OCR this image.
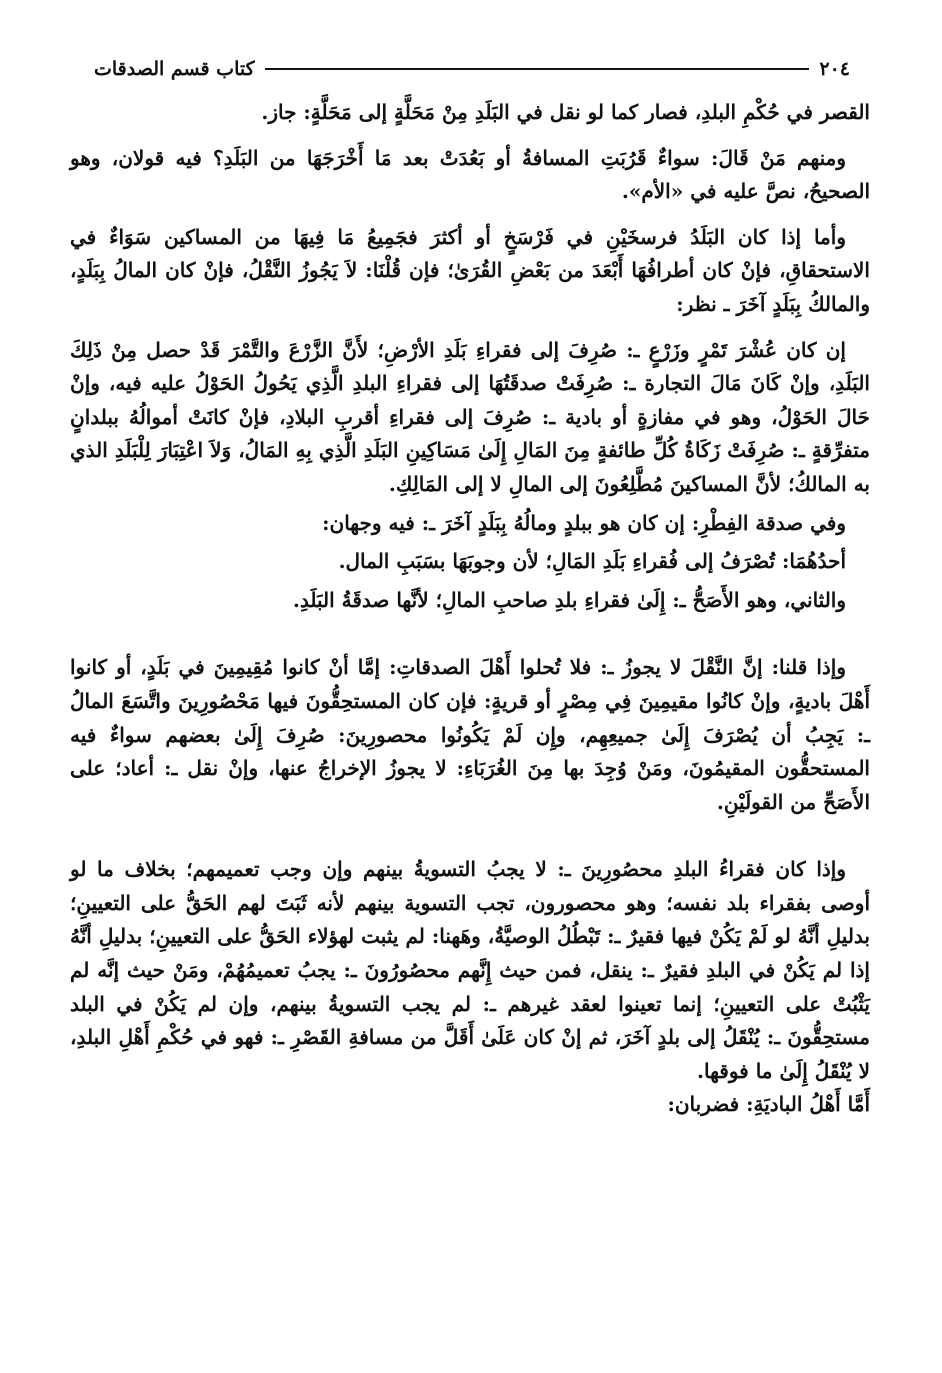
٢٠٤
كتاب قسم الصدقات

القصر في حُكْمِ البلدِ، فصار كما لو نقل في البَلَدِ مِنْ مَحَلَّةٍ إلى مَحَلَّةٍ: جاز.

ومنهم مَنْ قَالَ: سواءٌ قَرُبَتِ المسافةُ أو بَعُدَتْ بعد مَا أَخْرَجَهَا من البَلَدِ؟ فيه قولان، وهو الصحيحُ، نصَّ عليه في «الأم».

وأما إذا كان البَلَدُ فرسخَيْنِ في فَرْسَخٍ أو أكثرَ فجَمِيعُ مَا فِيهَا من المساكين سَوَاءٌ في الاستحقاقِ، فإنْ كان أطرافُهَا أَبْعَدَ من بَعْضِ القُرَىٰ؛ فإن قُلْنَا: لاَ يَجُوزُ النَّقْلُ، فإنْ كان المالُ بِبَلَدٍ، والمالكُ بِبَلَدٍ آخَرَ ـ نظر:

إن كان عُشْرَ تَمْرٍ وزَرْعٍ ـ: صُرِفَ إلى فقراءِ بَلَدِ الأرْضِ؛ لأَنَّ الزَّرْعَ والتَّمْرَ قَدْ حصل مِنْ ذَلِكَ البَلَدِ، وإنْ كَانَ مَالَ التجارة ـ: صُرِفَتْ صدقَتُهَا إلى فقراءِ البلدِ الَّذِي يَحُولُ الحَوْلُ عليه فيه، وإنْ حَالَ الحَوْلُ، وهو في مفازةٍ أو بادية ـ: صُرِفَ إلى فقراءِ أقربِ البلادِ، فإنْ كانَتْ أموالُهُ ببلدانٍ متفرِّقةٍ ـ: صُرِفَتْ زَكَاةُ كُلِّ طائفةٍ مِنَ المَالِ إِلَىٰ مَسَاكِينِ البَلَدِ الَّذِي بِهِ المَالُ، وَلاَ اعْتِبَارَ لِلْبَلَدِ الذي به المالكُ؛ لأنَّ المساكينَ مُطَّلِعُونَ إلى المالِ لا إلى المَالِكِ.

وفي صدقة الفِطْرِ: إن كان هو ببلدٍ ومالُهُ بِبَلَدٍ آخَرَ ـ: فيه وجهان:

أحدُهُمَا: تُصْرَفُ إلى فُقراءِ بَلَدِ المَالِ؛ لأن وجوبَهَا بسَبَبِ المال.

والثاني، وهو الأَصَحُّ ـ: إِلَىٰ فقراءِ بلدِ صاحبِ المالِ؛ لأنَّها صدقَةُ البَلَدِ.

وإذا قلنا: إنَّ النَّقْلَ لا يجوزُ ـ: فلا تُحلوا أَهْلَ الصدقاتِ: إمَّا أنْ كانوا مُقِيمِينَ في بَلَدٍ، أو كانوا أَهْلَ باديةٍ، وإنْ كانُوا مقيمِينَ فِي مِصْرٍ أو قريةٍ: فإن كان المستحِقُّونَ فيها مَحْصُورِينَ واتَّسَعَ المالُ ـ: يَجِبُ أن يُصْرَفَ إِلَىٰ جميعِهِم، وإِن لَمْ يَكُونُوا محصورِينَ: صُرِفَ إِلَىٰ بعضهم سواءٌ فيه المستحقُّون المقيمُونَ، ومَنْ وُجِدَ بها مِنَ الغُرَبَاءِ: لا يجوزُ الإخراجُ عنها، وإنْ نقل ـ: أعاد؛ على الأَصَحِّ من القولَيْنِ.

وإذا كان فقراءُ البلدِ محصُورِينَ ـ: لا يجبُ التسويةُ بينهم وإن وجب تعميمهم؛ بخلاف ما لو أوصى بفقراء بلد نفسه؛ وهو محصورون، تجب التسوية بينهم لأنه ثَبَتَ لهم الحَقُّ على التعيينِ؛ بدليلِ أنَّهُ لو لَمْ يَكُنْ فيها فقيرٌ ـ: تَبْطُلُ الوصيَّةُ، وهَهنا: لم يثبت لهؤلاء الحَقُّ على التعيينِ؛ بدليلِ أنَّهُ إذا لم يَكُنْ في البلدِ فقيرٌ ـ: ينقل، فمن حيث إِنَّهم محصُورُونَ ـ: يجبُ تعميمُهُمْ، ومَنْ حيث إنَّه لم يَثْبُتْ على التعيينِ؛ إنما تعينوا لعقد غيرهم ـ: لم يجب التسويةُ بينهم، وإن لم يَكُنْ في البلد مستحِقُّونَ ـ: يُنْقَلُ إلى بلدٍ آخَرَ، ثم إنْ كان عَلَىٰ أَقَلَّ من مسافةِ القَصْرِ ـ: فهو في حُكْمِ أَهْلِ البلدِ، لا يُنْقَلُ إِلَىٰ ما فوقها.

أَمَّا أَهْلُ الباديَةِ: فضربان:
